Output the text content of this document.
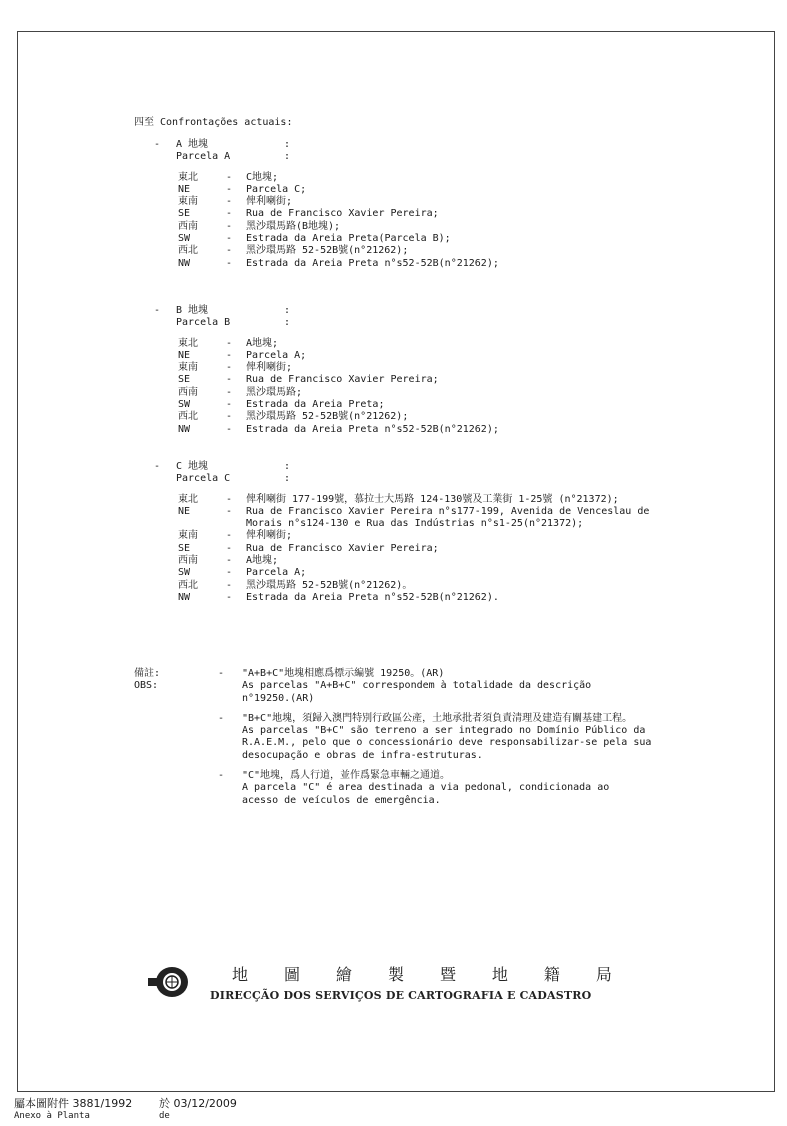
四至 Confrontações actuais:
-	A 地塊	:
Parcela A	:
東北	-	C地塊;
NE	-	Parcela C;
東南	-	俾利喇街;
SE	-	Rua de Francisco Xavier Pereira;
西南	-	黑沙環馬路(B地塊);
SW	-	Estrada da Areia Preta(Parcela B);
西北	-	黑沙環馬路 52-52B號(n°21262);
NW	-	Estrada da Areia Preta n°s52-52B(n°21262);
-	B 地塊	:
Parcela B	:
東北	-	A地塊;
NE	-	Parcela A;
東南	-	俾利喇街;
SE	-	Rua de Francisco Xavier Pereira;
西南	-	黑沙環馬路;
SW	-	Estrada da Areia Preta;
西北	-	黑沙環馬路 52-52B號(n°21262);
NW	-	Estrada da Areia Preta n°s52-52B(n°21262);
-	C 地塊	:
Parcela C	:
東北	-	俾利喇街 177-199號，慕拉士大馬路 124-130號及工業街 1-25號 (n°21372);
NE	-	Rua de Francisco Xavier Pereira n°s177-199, Avenida de Venceslau de Morais n°s124-130 e Rua das Indústrias n°s1-25(n°21372);
東南	-	俾利喇街;
SE	-	Rua de Francisco Xavier Pereira;
西南	-	A地塊;
SW	-	Parcela A;
西北	-	黑沙環馬路 52-52B號(n°21262)。
NW	-	Estrada da Areia Preta n°s52-52B(n°21262).
備註:
OBS:
-	"A+B+C"地塊相應爲標示編號 19250。(AR)
As parcelas "A+B+C" correspondem à totalidade da descrição n°19250.(AR)
-	"B+C"地塊，須歸入澳門特別行政區公產，土地承批者須負責清理及建造有關基建工程。
As parcelas "B+C" são terreno a ser integrado no Domínio Público da R.A.E.M., pelo que o concessionário deve responsabilizar-se pela sua desocupação e obras de infra-estruturas.
-	"C"地塊，爲人行道，並作爲緊急車輛之通道。
A parcela "C" é area destinada a via pedonal, condicionada ao acesso de veículos de emergência.
地 圖 繪 製 暨 地 籍 局
DIRECÇÃO DOS SERVIÇOS DE CARTOGRAFIA E CADASTRO
屬本圖附件 3881/1992	於 03/12/2009
Anexo à Planta	de
